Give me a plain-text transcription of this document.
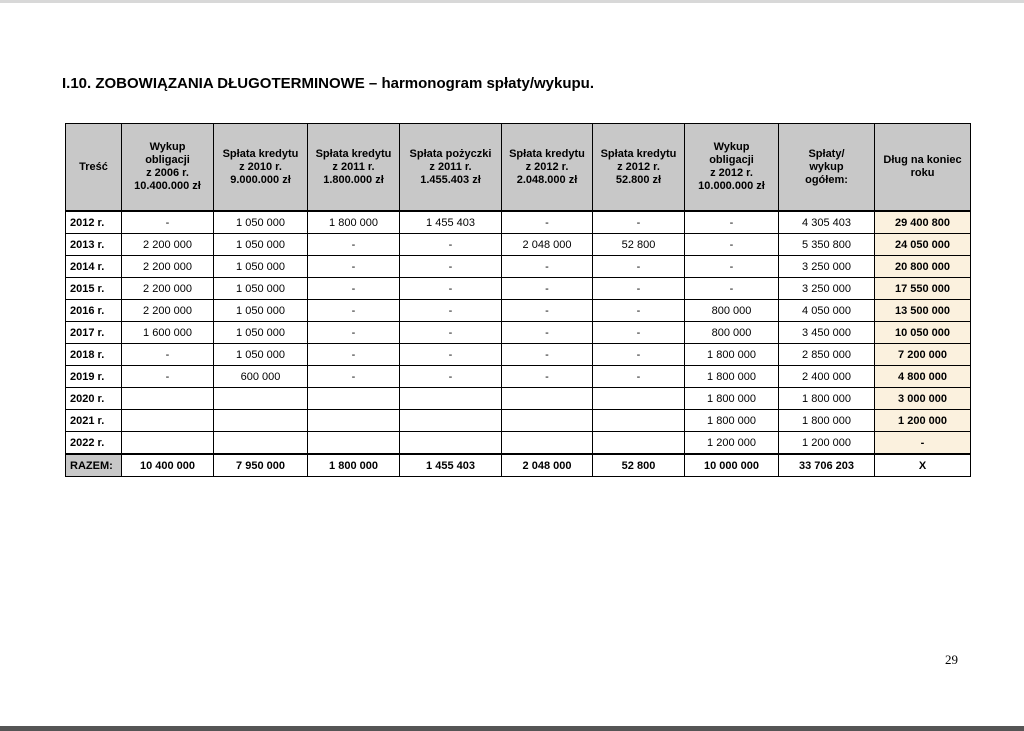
I.10. ZOBOWIĄZANIA DŁUGOTERMINOWE – harmonogram spłaty/wykupu.
Treść	Wykup
obligacji
z 2006 r.
10.400.000 zł	Spłata kredytu
z 2010 r.
9.000.000 zł	Spłata kredytu
z 2011 r.
1.800.000 zł	Spłata pożyczki
z 2011 r.
1.455.403 zł	Spłata kredytu
z 2012 r.
2.048.000 zł	Spłata kredytu
z 2012 r.
52.800 zł	Wykup
obligacji
z 2012 r.
10.000.000 zł	Spłaty/
wykup
ogółem:	Dług na koniec
roku

2012 r.	-	1 050 000	1 800 000	1 455 403	-	-	-	4 305 403	29 400 800
2013 r.	2 200 000	1 050 000	-	-	2 048 000	52 800	-	5 350 800	24 050 000
2014 r.	2 200 000	1 050 000	-	-	-	-	-	3 250 000	20 800 000
2015 r.	2 200 000	1 050 000	-	-	-	-	-	3 250 000	17 550 000
2016 r.	2 200 000	1 050 000	-	-	-	-	800 000	4 050 000	13 500 000
2017 r.	1 600 000	1 050 000	-	-	-	-	800 000	3 450 000	10 050 000
2018 r.	-	1 050 000	-	-	-	-	1 800 000	2 850 000	7 200 000
2019 r.	-	600 000	-	-	-	-	1 800 000	2 400 000	4 800 000
2020 r.							1 800 000	1 800 000	3 000 000
2021 r.							1 800 000	1 800 000	1 200 000
2022 r.							1 200 000	1 200 000	-
RAZEM:	10 400 000	7 950 000	1 800 000	1 455 403	2 048 000	52 800	10 000 000	33 706 203	X
29
